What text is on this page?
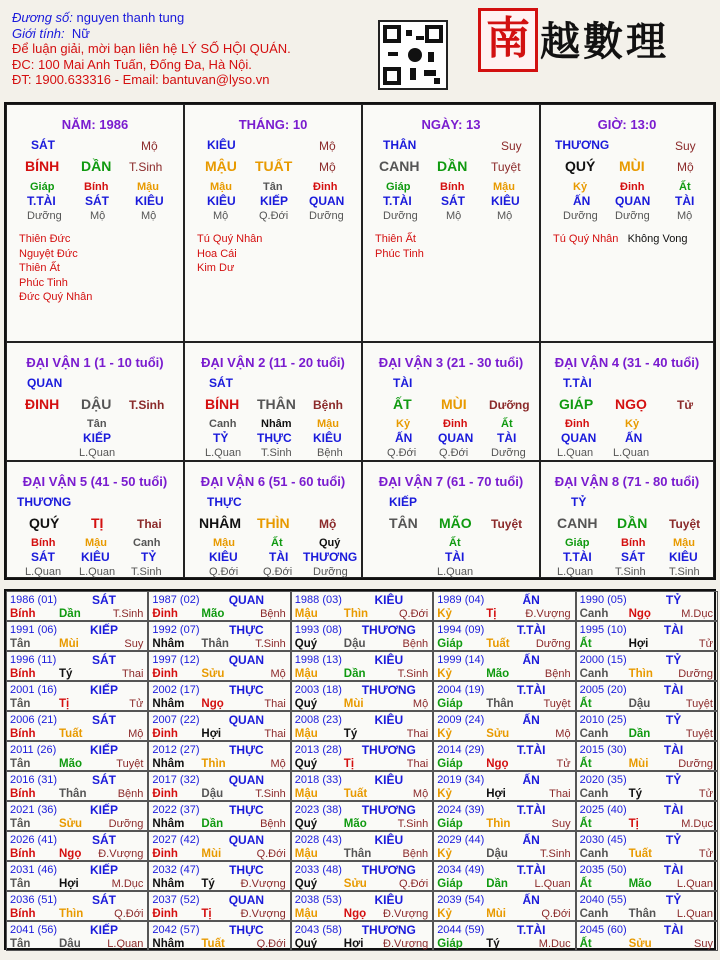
Đương số: nguyen thanh tung
Giới tính: Nữ
Để luận giải, mời bạn liên hệ LÝ SỐ HỘI QUÁN.
ĐC: 100 Mai Anh Tuấn, Đống Đa, Hà Nội.
ĐT: 1900.633316 - Email: bantuvan@lyso.vn
南 越數理
NĂM: 1986
SÁT	Mộ
BÍNH DẦN T.Sinh
Giáp	Bính	Mậu
T.TÀI SÁT KIÊU
Dưỡng	Mộ	Mộ
Thiên Đức
Nguyệt Đức
Thiên Ất
Phúc Tinh
Đức Quý Nhân
THÁNG: 10
KIÊU	Mộ
MẬU TUẤT Mộ
Mậu	Tân	Đinh
KIÊU KIẾP QUAN
Mộ	Q.Đới Dưỡng
Tú Quý Nhân
Hoa Cái
Kim Dư
NGÀY: 13
THÂN	Suy
CANH DẦN Tuyệt
Giáp	Bính	Mậu
T.TÀI SÁT KIÊU
Dưỡng	Mộ	Mộ
Thiên Ất
Phúc Tinh
GIỜ: 13:0
THƯƠNG	Suy
QUÝ MÙI	Mộ
Kỷ	Đinh	Ất
ẤN QUAN TÀI
Dưỡng Dưỡng Mộ
Tú Quý Nhân Không Vong
ĐẠI VẬN 1 (1 - 10 tuổi)
QUAN
ĐINH DẬU T.Sinh
Tân
KIẾP
L.Quan
ĐẠI VẬN 2 (11 - 20 tuổi)
SÁT
BÍNH THÂN Bệnh
Canh Nhâm Mậu
TỶ THỰC KIÊU
L.Quan T.Sinh Bệnh
ĐẠI VẬN 3 (21 - 30 tuổi)
TÀI
ẤT MÙI Dưỡng
Kỷ	Đinh	Ất
ẤN QUAN TÀI
Q.Đới Q.Đới Dưỡng
ĐẠI VẬN 4 (31 - 40 tuổi)
T.TÀI
GIÁP NGỌ	Tử
Đinh	Kỷ
QUAN ẤN
L.Quan L.Quan
ĐẠI VẬN 5 (41 - 50 tuổi)
THƯƠNG
QUÝ TỊ	Thai
Bính	Mậu Canh
SÁT KIÊU	TỶ
L.Quan L.Quan T.Sinh
ĐẠI VẬN 6 (51 - 60 tuổi)
THỰC
NHÂM THÌN Mộ
Mậu	Ất	Quý
KIÊU	TÀI THƯƠNG
Q.Đới Q.Đới Dưỡng
ĐẠI VẬN 7 (61 - 70 tuổi)
KIẾP
TÂN MÃO Tuyệt
Ất
TÀI
L.Quan
ĐẠI VẬN 8 (71 - 80 tuổi)
TỶ
CANH DẦN Tuyệt
Giáp	Bính	Mậu
T.TÀI SÁT KIÊU
L.Quan T.Sinh T.Sinh
1986 (01)	SÁT
Bính Dần	T.Sinh
1987 (02)	QUAN
Đinh Mão	Bệnh
1988 (03)	KIÊU
Mậu Thìn	Q.Đới
1989 (04)	ẤN
Kỷ	Tị	Đ.Vượng
1990 (05)	TỶ
Canh Ngọ	M.Dục
1991 (06)	KIẾP
Tân Mùi	Suy
1992 (07)	THỰC
Nhâm Thân T.Sinh
1993 (08)	THƯƠNG
Quý Dậu	Bệnh
1994 (09)	T.TÀI
Giáp Tuất Dưỡng
1995 (10)	TÀI
Ất	Hợi	Tử
1996 (11)	SÁT
Bính Tý	Thai
1997 (12)	QUAN
Đinh Sửu	Mộ
1998 (13)	KIÊU
Mậu Dần	T.Sinh
1999 (14)	ẤN
Kỷ	Mão	Bệnh
2000 (15)	TỶ
Canh Thìn Dưỡng
2001 (16)	KIẾP
Tân Tị	Tử
2002 (17)	THỰC
Nhâm Ngọ	Thai
2003 (18)	THƯƠNG
Quý Mùi	Mộ
2004 (19)	T.TÀI
Giáp Thân	Tuyệt
2005 (20)	TÀI
Ất	Dậu	Tuyệt
2006 (21)	SÁT
Bính Tuất	Mộ
2007 (22)	QUAN
Đinh Hợi	Thai
2008 (23)	KIÊU
Mậu Tý	Thai
2009 (24)	ẤN
Kỷ	Sửu	Mộ
2010 (25)	TỶ
Canh Dần	Tuyệt
2011 (26)	KIẾP
Tân Mão	Tuyệt
2012 (27)	THỰC
Nhâm Thìn	Mộ
2013 (28)	THƯƠNG
Quý Tị	Thai
2014 (29)	T.TÀI
Giáp Ngọ	Tử
2015 (30)	TÀI
Ất	Mùi	Dưỡng
2016 (31)	SÁT
Bính Thân	Bệnh
2017 (32)	QUAN
Đinh Dậu	T.Sinh
2018 (33)	KIÊU
Mậu Tuất	Mộ
2019 (34)	ẤN
Kỷ	Hợi	Thai
2020 (35)	TỶ
Canh Tý	Tử
2021 (36)	KIẾP
Tân Sửu Dưỡng
2022 (37)	THỰC
Nhâm Dần	Bệnh
2023 (38)	THƯƠNG
Quý Mão	T.Sinh
2024 (39)	T.TÀI
Giáp Thìn	Suy
2025 (40)	TÀI
Ất	Tị	M.Dục
2026 (41)	SÁT
Bính Ngọ Đ.Vượng
2027 (42)	QUAN
Đinh Mùi	Q.Đới
2028 (43)	KIÊU
Mậu Thân	Bệnh
2029 (44)	ẤN
Kỷ	Dậu	T.Sinh
2030 (45)	TỶ
Canh Tuất	Tử
2031 (46)	KIẾP
Tân Hợi	M.Dục
2032 (47)	THỰC
Nhâm Tý Đ.Vượng
2033 (48)	THƯƠNG
Quý Sửu	Q.Đới
2034 (49)	T.TÀI
Giáp Dần L.Quan
2035 (50)	TÀI
Ất	Mão L.Quan
2036 (51)	SÁT
Bính Thìn	Q.Đới
2037 (52)	QUAN
Đinh Tị	Đ.Vượng
2038 (53)	KIÊU
Mậu Ngọ Đ.Vượng
2039 (54)	ẤN
Kỷ	Mùi	Q.Đới
2040 (55)	TỶ
Canh Thân L.Quan
2041 (56)	KIẾP
Tân Dậu L.Quan
2042 (57)	THỰC
Nhâm Tuất	Q.Đới
2043 (58)	THƯƠNG
Quý Hợi Đ.Vượng
2044 (59)	T.TÀI
Giáp Tý	M.Dục
2045 (60)	TÀI
Ất	Sửu	Suy
